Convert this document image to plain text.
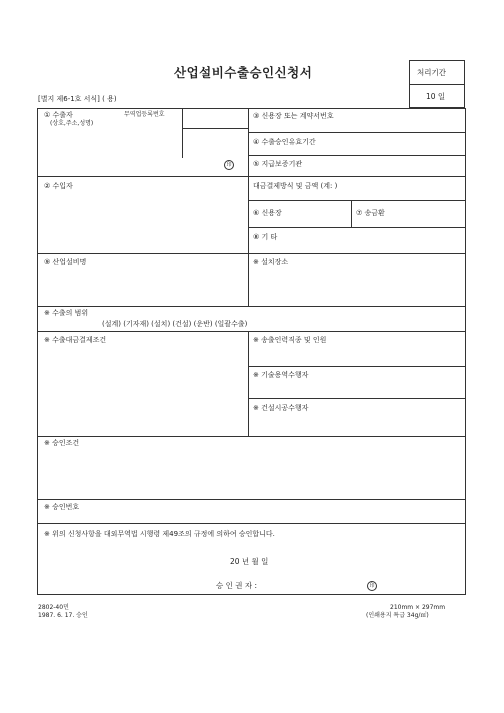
산업설비수출승인신청서	처리기간
10 일
[별지 제6-1호 서식] ( 용)
① 수출자
(상호,주소,성명)
무역업등록번호
印
③ 신용장 또는 계약서번호
④ 수출승인유효기간
⑤ 지급보증기관
② 수입자	대금결제방식 및 금액 (계: )
⑥ 신용장	⑦ 송금환
⑧ 기 타
⑨ 산업설비명	※ 설치장소
※ 수출의 범위
(설계) (기자재) (설치) (건설) (운반) (일괄수출)
※ 수출대금결제조건	※ 송출인력직종 및 인원
※ 기술용역수행자
※ 건설시공수행자
※ 승인조건
※ 승인번호
※ 위의 신청사항을 대외무역법 시행령 제49조의 규정에 의하여 승인합니다.
20 년 월 일
승 인 권 자 :	印
2802-40민
1987. 6. 17. 승인
210mm × 297mm
(인쇄용지 특급 34g/㎡)
